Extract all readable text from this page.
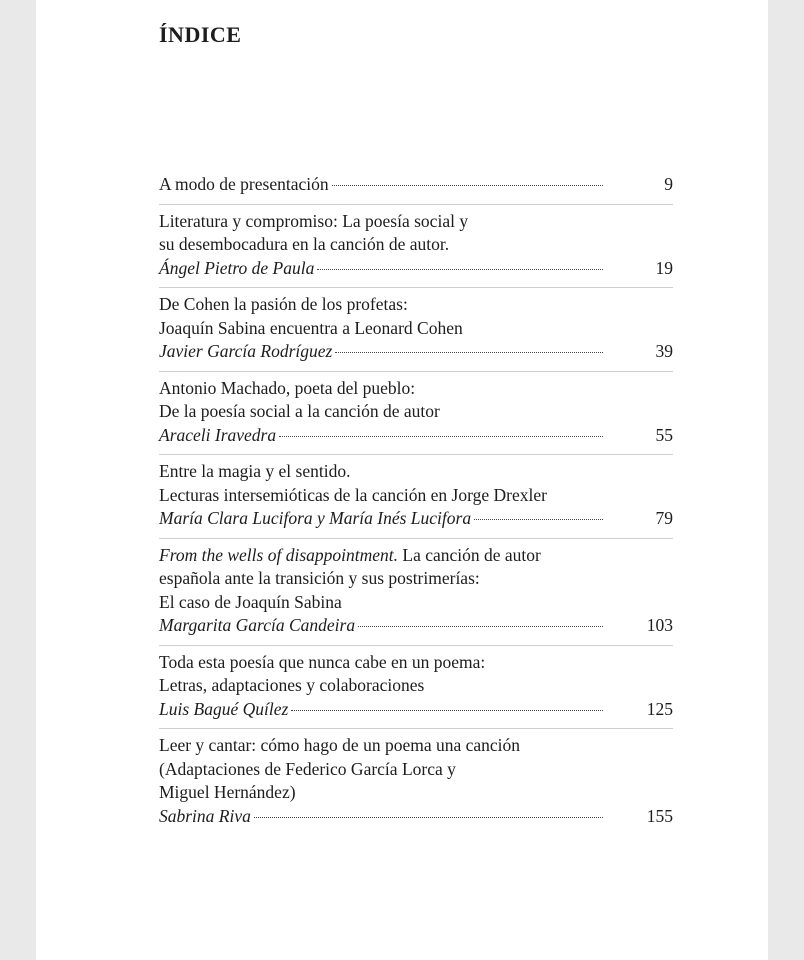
ÍNDICE
A modo de presentación	9
Literatura y compromiso: La poesía social y
su desembocadura en la canción de autor.
Ángel Pietro de Paula	19
De Cohen la pasión de los profetas:
Joaquín Sabina encuentra a Leonard Cohen
Javier García Rodríguez	39
Antonio Machado, poeta del pueblo:
De la poesía social a la canción de autor
Araceli Iravedra	55
Entre la magia y el sentido.
Lecturas intersemióticas de la canción en Jorge Drexler
María Clara Lucifora y María Inés Lucifora	79
From the wells of disappointment. La canción de autor
española ante la transición y sus postrimerías:
El caso de Joaquín Sabina
Margarita García Candeira	103
Toda esta poesía que nunca cabe en un poema:
Letras, adaptaciones y colaboraciones
Luis Bagué Quílez	125
Leer y cantar: cómo hago de un poema una canción
(Adaptaciones de Federico García Lorca y
Miguel Hernández)
Sabrina Riva	155
